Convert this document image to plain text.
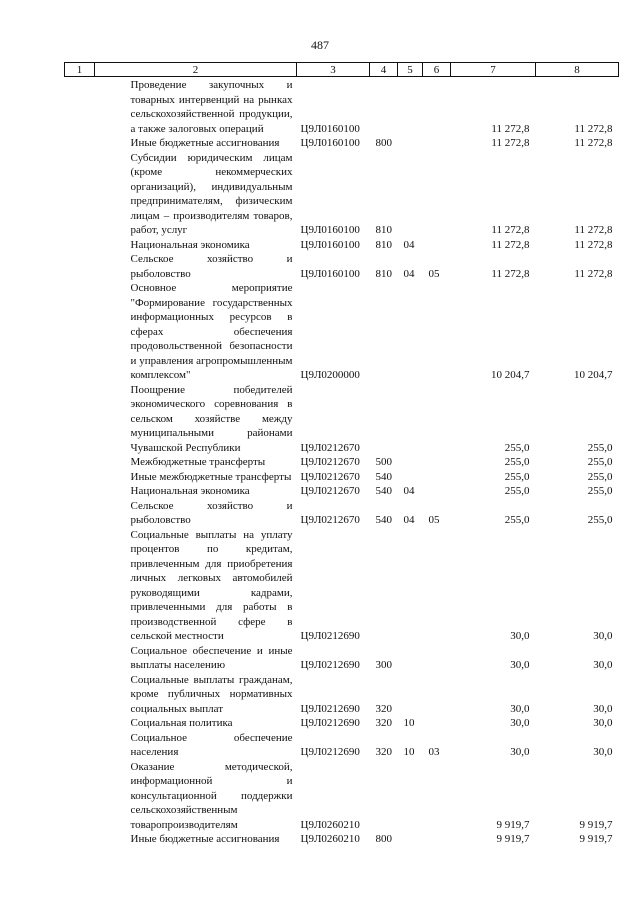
487
1	2	3	4	5	6	7	8
	Проведение закупочных и товарных интервенций на рынках сельскохозяйственной продукции, а также залоговых операций	Ц9Л0160100				11 272,8	11 272,8
	Иные бюджетные ассигнования	Ц9Л0160100	800			11 272,8	11 272,8
	Субсидии юридическим лицам (кроме некоммерческих организаций), индивидуальным предпринимателям, физическим лицам – производителям товаров, работ, услуг	Ц9Л0160100	810			11 272,8	11 272,8
	Национальная экономика	Ц9Л0160100	810	04		11 272,8	11 272,8
	Сельское хозяйство и рыболовство	Ц9Л0160100	810	04	05	11 272,8	11 272,8
	Основное мероприятие "Формирование государственных информационных ресурсов в сферах обеспечения продовольственной безопасности и управления агропромышленным комплексом"	Ц9Л0200000				10 204,7	10 204,7
	Поощрение победителей экономического соревнования в сельском хозяйстве между муниципальными районами Чувашской Республики	Ц9Л0212670				255,0	255,0
	Межбюджетные трансферты	Ц9Л0212670	500			255,0	255,0
	Иные межбюджетные трансферты	Ц9Л0212670	540			255,0	255,0
	Национальная экономика	Ц9Л0212670	540	04		255,0	255,0
	Сельское хозяйство и рыболовство	Ц9Л0212670	540	04	05	255,0	255,0
	Социальные выплаты на уплату процентов по кредитам, привлеченным для приобретения личных легковых автомобилей руководящими кадрами, привлеченными для работы в производственной сфере в сельской местности	Ц9Л0212690				30,0	30,0
	Социальное обеспечение и иные выплаты населению	Ц9Л0212690	300			30,0	30,0
	Социальные выплаты гражданам, кроме публичных нормативных социальных выплат	Ц9Л0212690	320			30,0	30,0
	Социальная политика	Ц9Л0212690	320	10		30,0	30,0
	Социальное обеспечение населения	Ц9Л0212690	320	10	03	30,0	30,0
	Оказание методической, информационной и консультационной поддержки сельскохозяйственным товаропроизводителям	Ц9Л0260210				9 919,7	9 919,7
	Иные бюджетные ассигнования	Ц9Л0260210	800			9 919,7	9 919,7
